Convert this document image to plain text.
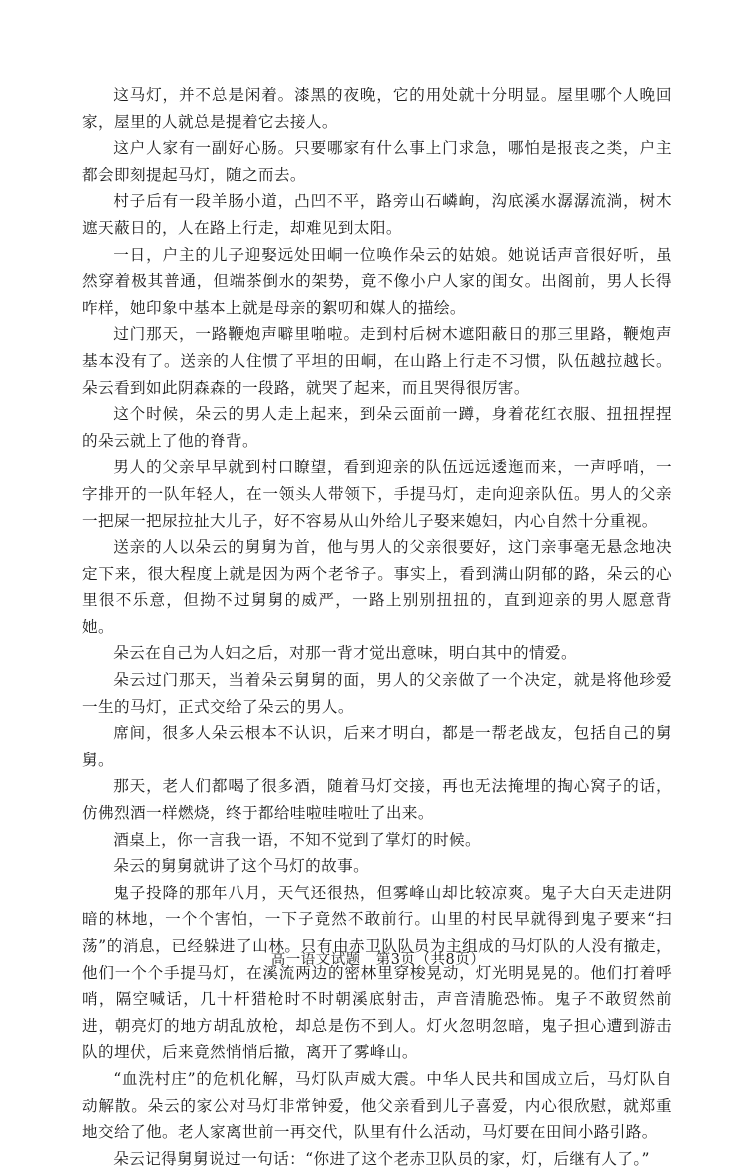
这马灯，并不总是闲着。漆黑的夜晚，它的用处就十分明显。屋里哪个人晚回家，屋里的人就总是提着它去接人。

这户人家有一副好心肠。只要哪家有什么事上门求急，哪怕是报丧之类，户主都会即刻提起马灯，随之而去。

村子后有一段羊肠小道，凸凹不平，路旁山石嶙峋，沟底溪水潺潺流淌，树木遮天蔽日的，人在路上行走，却难见到太阳。

一日，户主的儿子迎娶远处田峒一位唤作朵云的姑娘。她说话声音很好听，虽然穿着极其普通，但端茶倒水的架势，竟不像小户人家的闺女。出阁前，男人长得咋样，她印象中基本上就是母亲的絮叨和媒人的描绘。

过门那天，一路鞭炮声噼里啪啦。走到村后树木遮阳蔽日的那三里路，鞭炮声基本没有了。送亲的人住惯了平坦的田峒，在山路上行走不习惯，队伍越拉越长。朵云看到如此阴森森的一段路，就哭了起来，而且哭得很厉害。

这个时候，朵云的男人走上起来，到朵云面前一蹲，身着花红衣服、扭扭捏捏的朵云就上了他的脊背。

男人的父亲早早就到村口瞭望，看到迎亲的队伍远远逶迤而来，一声呼哨，一字排开的一队年轻人，在一领头人带领下，手提马灯，走向迎亲队伍。男人的父亲一把屎一把尿拉扯大儿子，好不容易从山外给儿子娶来媳妇，内心自然十分重视。

送亲的人以朵云的舅舅为首，他与男人的父亲很要好，这门亲事毫无悬念地决定下来，很大程度上就是因为两个老爷子。事实上，看到满山阴郁的路，朵云的心里很不乐意，但拗不过舅舅的威严，一路上别别扭扭的，直到迎亲的男人愿意背她。

朵云在自己为人妇之后，对那一背才觉出意味，明白其中的情爱。

朵云过门那天，当着朵云舅舅的面，男人的父亲做了一个决定，就是将他珍爱一生的马灯，正式交给了朵云的男人。

席间，很多人朵云根本不认识，后来才明白，都是一帮老战友，包括自己的舅舅。

那天，老人们都喝了很多酒，随着马灯交接，再也无法掩埋的掏心窝子的话，仿佛烈酒一样燃烧，终于都给哇啦哇啦吐了出来。

酒桌上，你一言我一语，不知不觉到了掌灯的时候。

朵云的舅舅就讲了这个马灯的故事。

鬼子投降的那年八月，天气还很热，但雾峰山却比较凉爽。鬼子大白天走进阴暗的林地，一个个害怕，一下子竟然不敢前行。山里的村民早就得到鬼子要来“扫荡”的消息，已经躲进了山林。只有由赤卫队队员为主组成的马灯队的人没有撤走，他们一个个手提马灯，在溪流两边的密林里穿梭晃动，灯光明晃晃的。他们打着呼哨，隔空喊话，几十杆猎枪时不时朝溪底射击，声音清脆恐怖。鬼子不敢贸然前进，朝亮灯的地方胡乱放枪，却总是伤不到人。灯火忽明忽暗，鬼子担心遭到游击队的埋伏，后来竟然悄悄后撤，离开了雾峰山。

“血洗村庄”的危机化解，马灯队声威大震。中华人民共和国成立后，马灯队自动解散。朵云的家公对马灯非常钟爱，他父亲看到儿子喜爱，内心很欣慰，就郑重地交给了他。老人家离世前一再交代，队里有什么活动，马灯要在田间小路引路。

朵云记得舅舅说过一句话：“你进了这个老赤卫队员的家，灯，后继有人了。”

高一语文试题　第3页（共8页）
